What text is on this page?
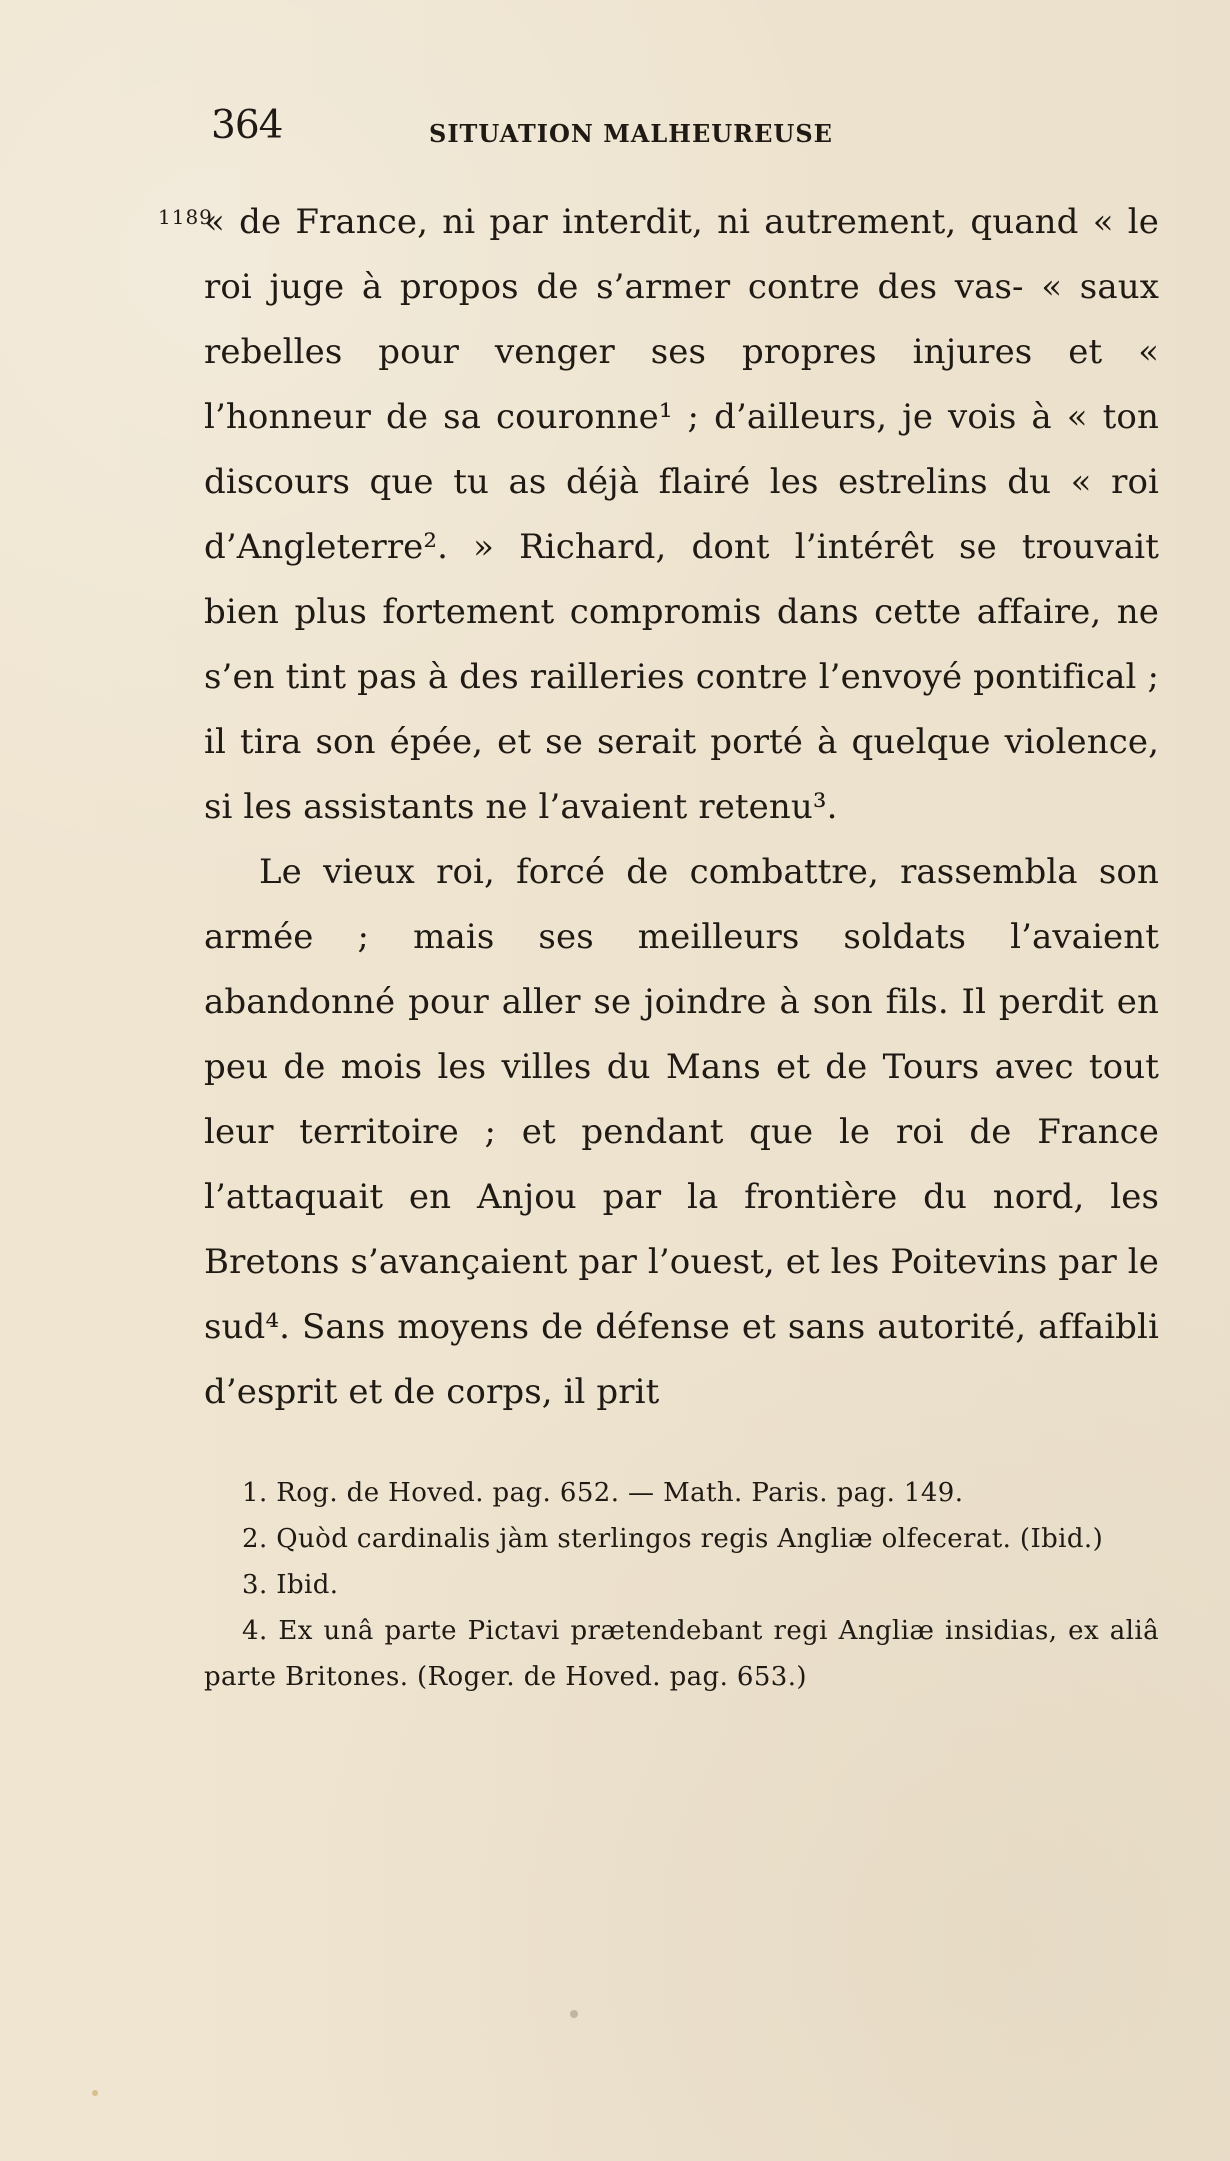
364	SITUATION MALHEUREUSE
1189.

« de France, ni par interdit, ni autrement, quand « le roi juge à propos de s’armer contre des vas- « saux rebelles pour venger ses propres injures et « l’honneur de sa couronne¹ ; d’ailleurs, je vois à « ton discours que tu as déjà flairé les estrelins du « roi d’Angleterre². » Richard, dont l’intérêt se trouvait bien plus fortement compromis dans cette affaire, ne s’en tint pas à des railleries contre l’envoyé pontifical ; il tira son épée, et se serait porté à quelque violence, si les assistants ne l’avaient retenu³.

Le vieux roi, forcé de combattre, rassembla son armée ; mais ses meilleurs soldats l’avaient abandonné pour aller se joindre à son fils. Il perdit en peu de mois les villes du Mans et de Tours avec tout leur territoire ; et pendant que le roi de France l’attaquait en Anjou par la frontière du nord, les Bretons s’avançaient par l’ouest, et les Poitevins par le sud⁴. Sans moyens de défense et sans autorité, affaibli d’esprit et de corps, il prit

1. Rog. de Hoved. pag. 652. — Math. Paris. pag. 149.

2. Quòd cardinalis jàm sterlingos regis Angliæ olfecerat. (Ibid.)

3. Ibid.

4. Ex unâ parte Pictavi prætendebant regi Angliæ insidias, ex aliâ parte Britones. (Roger. de Hoved. pag. 653.)
